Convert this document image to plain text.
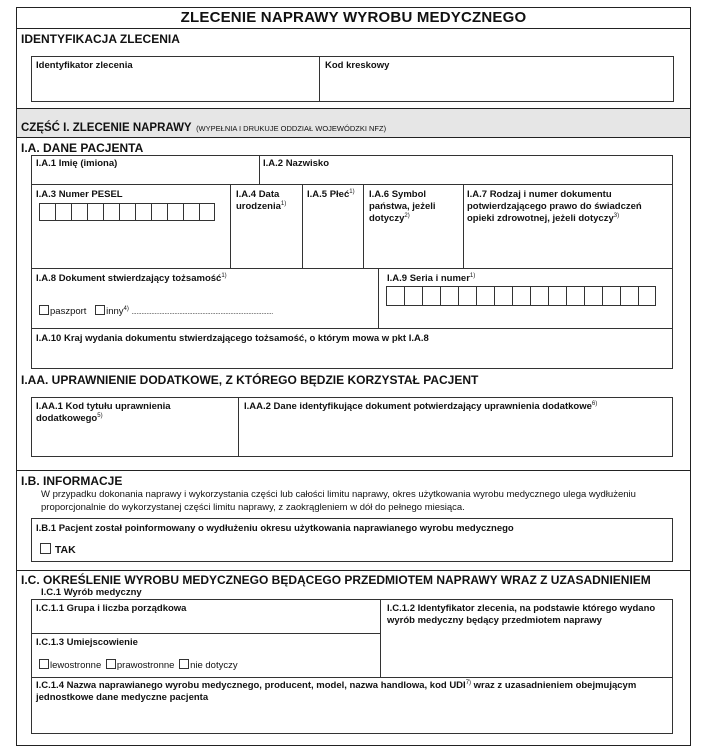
ZLECENIE NAPRAWY WYROBU MEDYCZNEGO
IDENTYFIKACJA ZLECENIA
Identyfikator zlecenia	Kod kreskowy
CZĘŚĆ I. ZLECENIE NAPRAWY (WYPEŁNIA I DRUKUJE ODDZIAŁ WOJEWÓDZKI NFZ)
I.A. DANE PACJENTA
I.A.1 Imię (imiona)	I.A.2 Nazwisko
I.A.3 Numer PESEL	I.A.4 Data urodzenia$^{1)}$
I.A.5 Płeć$^{1)}$ I.A.6 Symbol państwa, jeżeli dotyczy$^{2)}$
I.A.7 Rodzaj i numer dokumentu potwierdzającego prawo do świadczeń opieki zdrowotnej, jeżeli dotyczy$^{3)}$
I.A.8 Dokument stwierdzający tożsamość$^{1)}$
paszport inny$^{4)}$ ......................................................................................
I.A.9 Seria i numer$^{1)}$
I.A.10 Kraj wydania dokumentu stwierdzającego tożsamość, o którym mowa w pkt I.A.8
I.AA. UPRAWNIENIE DODATKOWE, Z KTÓREGO BĘDZIE KORZYSTAŁ PACJENT
I.AA.1 Kod tytułu uprawnienia dodatkowego$^{5)}$
I.AA.2 Dane identyfikujące dokument potwierdzający uprawnienia dodatkowe$^{6)}$
I.B. INFORMACJE
W przypadku dokonania naprawy i wykorzystania części lub całości limitu naprawy, okres użytkowania wyrobu medycznego ulega wydłużeniu proporcjonalnie do wykorzystanej części limitu naprawy, z zaokrągleniem w dół do pełnego miesiąca.
I.B.1 Pacjent został poinformowany o wydłużeniu okresu użytkowania naprawianego wyrobu medycznego
TAK
I.C. OKREŚLENIE WYROBU MEDYCZNEGO BĘDĄCEGO PRZEDMIOTEM NAPRAWY WRAZ Z UZASADNIENIEM
I.C.1 Wyrób medyczny
I.C.1.1 Grupa i liczba porządkowa	I.C.1.2 Identyfikator zlecenia, na podstawie którego wydano wyrób medyczny będący przedmiotem naprawy
I.C.1.3 Umiejscowienie
lewostronne prawostronne nie dotyczy
I.C.1.4 Nazwa naprawianego wyrobu medycznego, producent, model, nazwa handlowa, kod UDI$^{7)}$ wraz z uzasadnieniem obejmującym jednostkowe dane medyczne pacjenta
